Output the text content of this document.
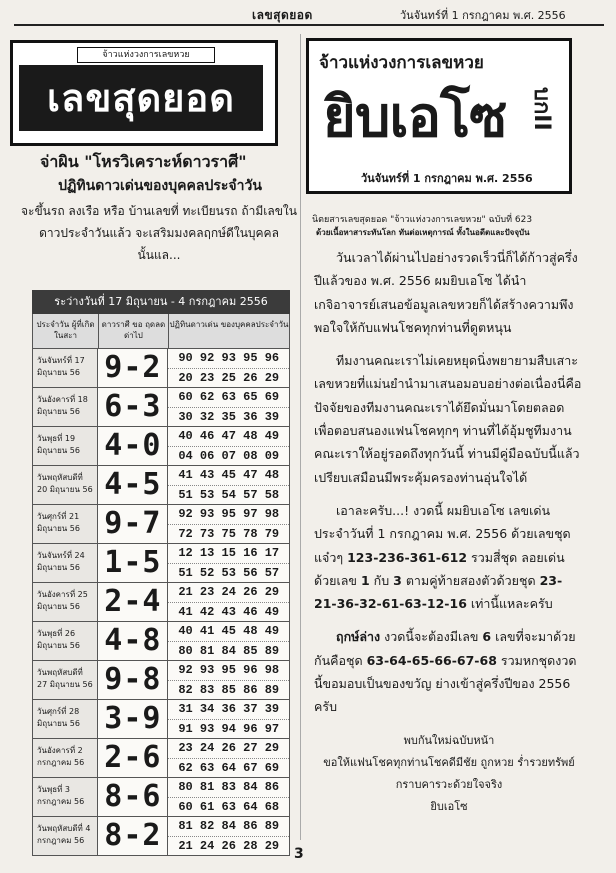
เลขสุดยอด	วันจันทร์ที่ 1 กรกฎาคม พ.ศ. 2556
จ้าวแห่งวงการเลขหวย
เลขสุดยอด
จ่าผิน "โหรวิเคราะห์ดาวราศี"
ปฏิทินดาวเด่นของบุคคลประจำวัน
จะขึ้นรถ ลงเรือ หรือ บ้านเลขที่ ทะเบียนรถ ถ้ามีเลขในดาวประจำวันแล้ว จะเสริมมงคลฤกษ์ดีในบุคคลนั้นแล...
ระว่างวันที่ 17 มิถุนายน - 4 กรกฎาคม 2556
ประจำวัน ผู้ที่เกิดในสะา
ดาวราศี ขอ ฤดลดด่าไป
ปฏิทินดาวเด่น ของบุคคลประจำวัน
วันจันทร์ที่ 17 มิถุนายน 56 9-2	90 92 93 95 96
20 23 25 26 29
วันอังคารที่ 18 มิถุนายน 56 6-3	60 62 63 65 69
30 32 35 36 39
วันพุธที่ 19 มิถุนายน 56 4-0	40 46 47 48 49
04 06 07 08 09
วันพฤหัสบดีที่ 20 มิถุนายน 56 4-5	41 43 45 47 48
51 53 54 57 58
วันศุกร์ที่ 21 มิถุนายน 56 9-7	92 93 95 97 98
72 73 75 78 79
วันจันทร์ที่ 24 มิถุนายน 56 1-5	12 13 15 16 17
51 52 53 56 57
วันอังคารที่ 25 มิถุนายน 56 2-4	21 23 24 26 29
41 42 43 46 49
วันพุธที่ 26 มิถุนายน 56 4-8	40 41 45 48 49
80 81 84 85 89
วันพฤหัสบดีที่ 27 มิถุนายน 56 9-8	92 93 95 96 98
82 83 85 86 89
วันศุกร์ที่ 28 มิถุนายน 56 3-9	31 34 36 37 39
91 93 94 96 97
วันอังคารที่ 2 กรกฎาคม 56 2-6	23 24 26 27 29
62 63 64 67 69
วันพุธที่ 3 กรกฎาคม 56 8-6	80 81 83 84 86
60 61 63 64 68
วันพฤหัสบดีที่ 4 กรกฎาคม 56 8-2	81 82 84 86 89
21 24 26 28 29
จ้าวแห่งวงการเลขหวย
ยิบเอโซ	บกII
วันจันทร์ที่ 1 กรกฎาคม พ.ศ. 2556
นิตยสารเลขสุดยอด "จ้าวแห่งวงการเลขหวย" ฉบับที่ 623
ด้วยเนื้อหาสาระทันโลก ทันต่อเหตุการณ์ ทั้งในอดีตและปัจจุบัน

วันเวลาได้ผ่านไปอย่างรวดเร็วนี่ก็ได้ก้าวสู่ครึ่งปีแล้วของ พ.ศ. 2556 ผมยิบเอโซ ได้นำเกจิอาจารย์เสนอข้อมูลเลขหวยก็ได้สร้างความพึงพอใจให้กับแฟนโชคทุกท่านที่ดูตหนุน

ทีมงานคณะเราไม่เคยหยุดนิ่งพยายามสืบเสาะเลขหวยที่แม่นยำนำมาเสนอมอบอย่างต่อเนื่องนี่คือปัจจัยของทีมงานคณะเราได้ยึดมั่นมาโดยตลอด เพื่อตอบสนองแฟนโชคทุกๆ ท่านที่ได้อุ้มชูทีมงานคณะเราให้อยู่รอดถึงทุกวันนี้ ท่านมีคู่มือฉบับนี้แล้วเปรียบเสมือนมีพระคุ้มครองท่านอุ่นใจได้

เอาละครับ...! งวดนี้ ผมยิบเอโซ เลขเด่นประจำวันที่ 1 กรกฎาคม พ.ศ. 2556 ด้วยเลขชุดแจ๋วๆ 123-236-361-612 รวมสี่ชุด ลอยเด่นด้วยเลข 1 กับ 3 ตามคู่ท้ายสองตัวด้วยชุด 23-21-36-32-61-63-12-16 เท่านี้แหละครับ

ฤกษ์ล่าง งวดนี้จะต้องมีเลข 6 เลขที่จะมาด้วยกันคือชุด 63-64-65-66-67-68 รวมหกชุดงวดนี้ขอมอบเป็นของขวัญ ย่างเข้าสู่ครึ่งปีของ 2556 ครับ

พบกันใหม่ฉบับหน้า
ขอให้แฟนโชคทุกท่านโชคดีมีชัย ถูกหวย ร่ำรวยทรัพย์
กราบคารวะด้วยใจจริง
ยิบเอโซ
3
